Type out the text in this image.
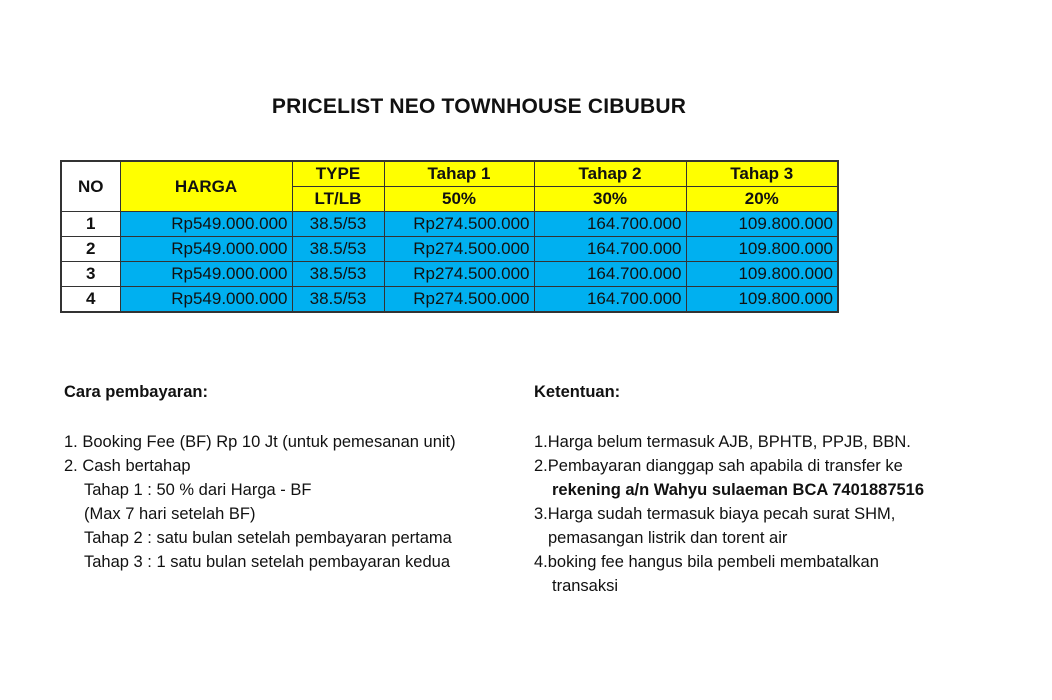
PRICELIST NEO TOWNHOUSE CIBUBUR
NO	HARGA	TYPE	Tahap 1	Tahap 2	Tahap 3
		LT/LB	50%	30%	20%
1	Rp549.000.000	38.5/53	Rp274.500.000	164.700.000	109.800.000
2	Rp549.000.000	38.5/53	Rp274.500.000	164.700.000	109.800.000
3	Rp549.000.000	38.5/53	Rp274.500.000	164.700.000	109.800.000
4	Rp549.000.000	38.5/53	Rp274.500.000	164.700.000	109.800.000
Cara pembayaran:
1. Booking Fee (BF) Rp 10 Jt (untuk pemesanan unit)
2. Cash bertahap
Tahap 1 : 50 % dari Harga - BF
(Max 7 hari setelah BF)
Tahap 2 : satu bulan setelah pembayaran pertama
Tahap 3 : 1 satu bulan setelah pembayaran kedua
Ketentuan:
1.Harga belum termasuk AJB, BPHTB, PPJB, BBN.
2.Pembayaran dianggap sah apabila di transfer ke
rekening a/n Wahyu sulaeman BCA 7401887516
3.Harga sudah termasuk biaya pecah surat SHM,
pemasangan listrik dan torent air
4.boking fee hangus bila pembeli membatalkan
transaksi
